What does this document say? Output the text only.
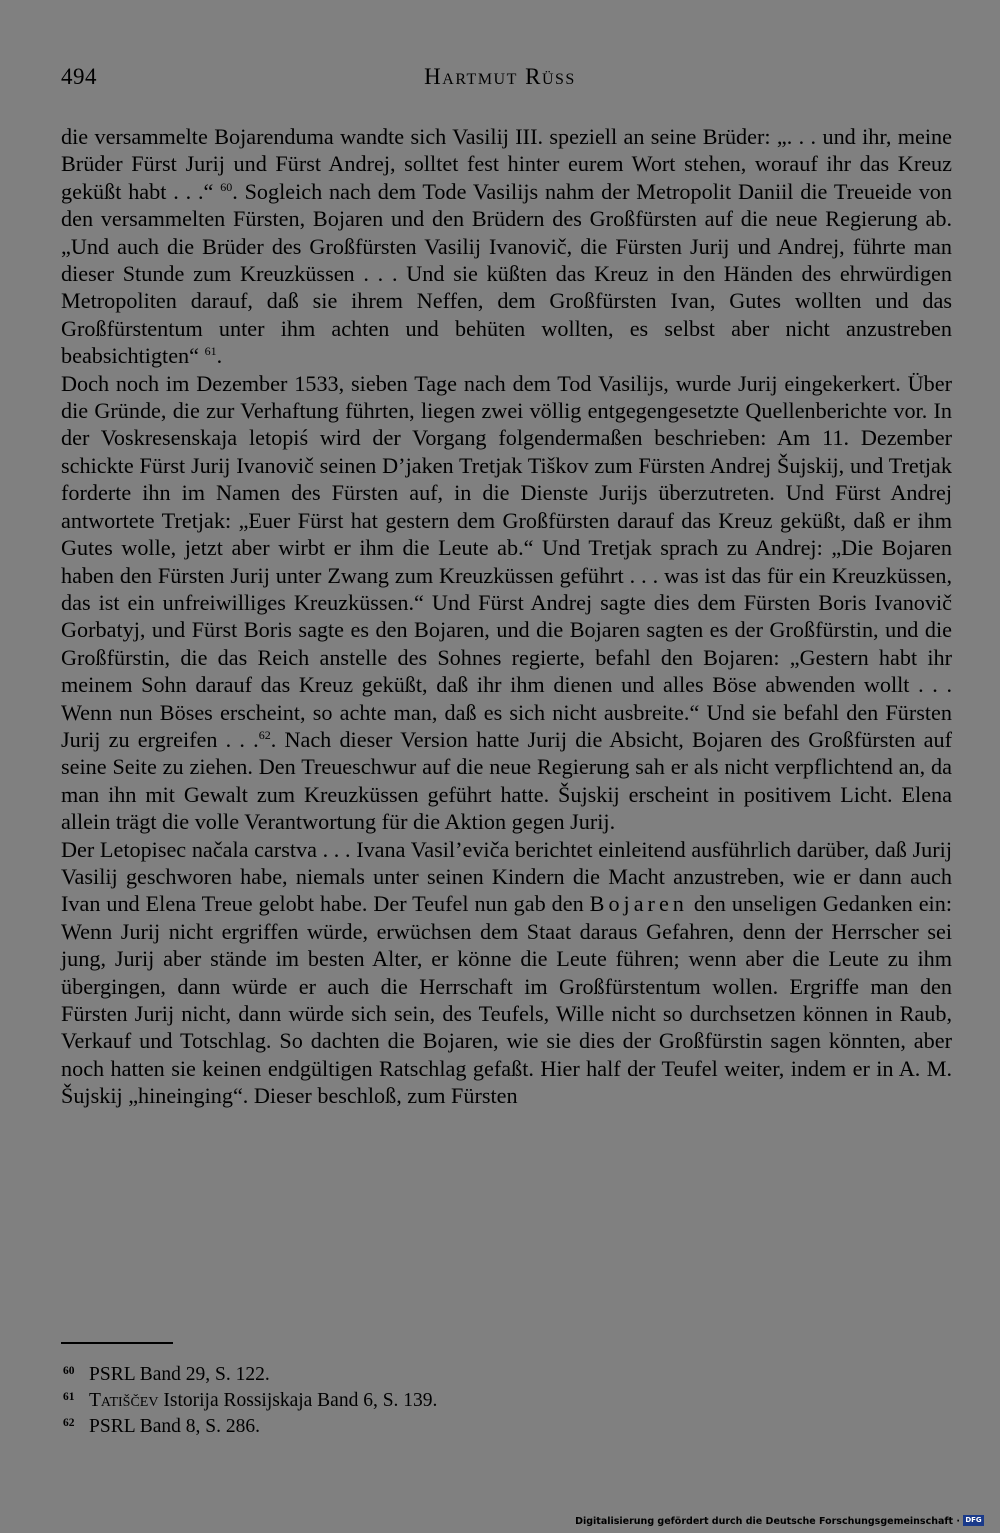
494	Hartmut Rüss

die versammelte Bojarenduma wandte sich Vasilij III. speziell an seine Brüder: „. . . und ihr, meine Brüder Fürst Jurij und Fürst Andrej, solltet fest hinter eurem Wort stehen, worauf ihr das Kreuz geküßt habt . . .“ $^{60}$. Sogleich nach dem Tode Vasilijs nahm der Metropolit Daniil die Treueide von den versammelten Fürsten, Bojaren und den Brüdern des Großfürsten auf die neue Regierung ab. „Und auch die Brüder des Großfürsten Vasilij Ivanovič, die Fürsten Jurij und Andrej, führte man dieser Stunde zum Kreuzküssen . . . Und sie küßten das Kreuz in den Händen des ehrwürdigen Metropoliten darauf, daß sie ihrem Neffen, dem Großfürsten Ivan, Gutes wollten und das Großfürstentum unter ihm achten und behüten wollten, es selbst aber nicht anzustreben beabsichtigten“ $^{61}$.

Doch noch im Dezember 1533, sieben Tage nach dem Tod Vasilijs, wurde Jurij eingekerkert. Über die Gründe, die zur Verhaftung führten, liegen zwei völlig entgegengesetzte Quellenberichte vor. In der Voskresenskaja letopiś wird der Vorgang folgendermaßen beschrieben: Am 11. Dezember schickte Fürst Jurij Ivanovič seinen D’jaken Tretjak Tiškov zum Fürsten Andrej Šujskij, und Tretjak forderte ihn im Namen des Fürsten auf, in die Dienste Jurijs überzutreten. Und Fürst Andrej antwortete Tretjak: „Euer Fürst hat gestern dem Großfürsten darauf das Kreuz geküßt, daß er ihm Gutes wolle, jetzt aber wirbt er ihm die Leute ab.“ Und Tretjak sprach zu Andrej: „Die Bojaren haben den Fürsten Jurij unter Zwang zum Kreuzküssen geführt . . . was ist das für ein Kreuzküssen, das ist ein unfreiwilliges Kreuzküssen.“ Und Fürst Andrej sagte dies dem Fürsten Boris Ivanovič Gorbatyj, und Fürst Boris sagte es den Bojaren, und die Bojaren sagten es der Großfürstin, und die Großfürstin, die das Reich anstelle des Sohnes regierte, befahl den Bojaren: „Gestern habt ihr meinem Sohn darauf das Kreuz geküßt, daß ihr ihm dienen und alles Böse abwenden wollt . . . Wenn nun Böses erscheint, so achte man, daß es sich nicht ausbreite.“ Und sie befahl den Fürsten Jurij zu ergreifen . . .$^{62}$. Nach dieser Version hatte Jurij die Absicht, Bojaren des Großfürsten auf seine Seite zu ziehen. Den Treueschwur auf die neue Regierung sah er als nicht verpflichtend an, da man ihn mit Gewalt zum Kreuzküssen geführt hatte. Šujskij erscheint in positivem Licht. Elena allein trägt die volle Verantwortung für die Aktion gegen Jurij.

Der Letopisec načala carstva . . . Ivana Vasil’eviča berichtet einleitend ausführlich darüber, daß Jurij Vasilij geschworen habe, niemals unter seinen Kindern die Macht anzustreben, wie er dann auch Ivan und Elena Treue gelobt habe. Der Teufel nun gab den Bojaren den unseligen Gedanken ein: Wenn Jurij nicht ergriffen würde, erwüchsen dem Staat daraus Gefahren, denn der Herrscher sei jung, Jurij aber stände im besten Alter, er könne die Leute führen; wenn aber die Leute zu ihm übergingen, dann würde er auch die Herrschaft im Großfürstentum wollen. Ergriffe man den Fürsten Jurij nicht, dann würde sich sein, des Teufels, Wille nicht so durchsetzen können in Raub, Verkauf und Totschlag. So dachten die Bojaren, wie sie dies der Großfürstin sagen könnten, aber noch hatten sie keinen endgültigen Ratschlag gefaßt. Hier half der Teufel weiter, indem er in A. M. Šujskij „hineinging“. Dieser beschloß, zum Fürsten

60 PSRL Band 29, S. 122.
61 Tatiščev Istorija Rossijskaja Band 6, S. 139.
62 PSRL Band 8, S. 286.
Digitalisierung gefördert durch die Deutsche Forschungsgemeinschaft · DFG
